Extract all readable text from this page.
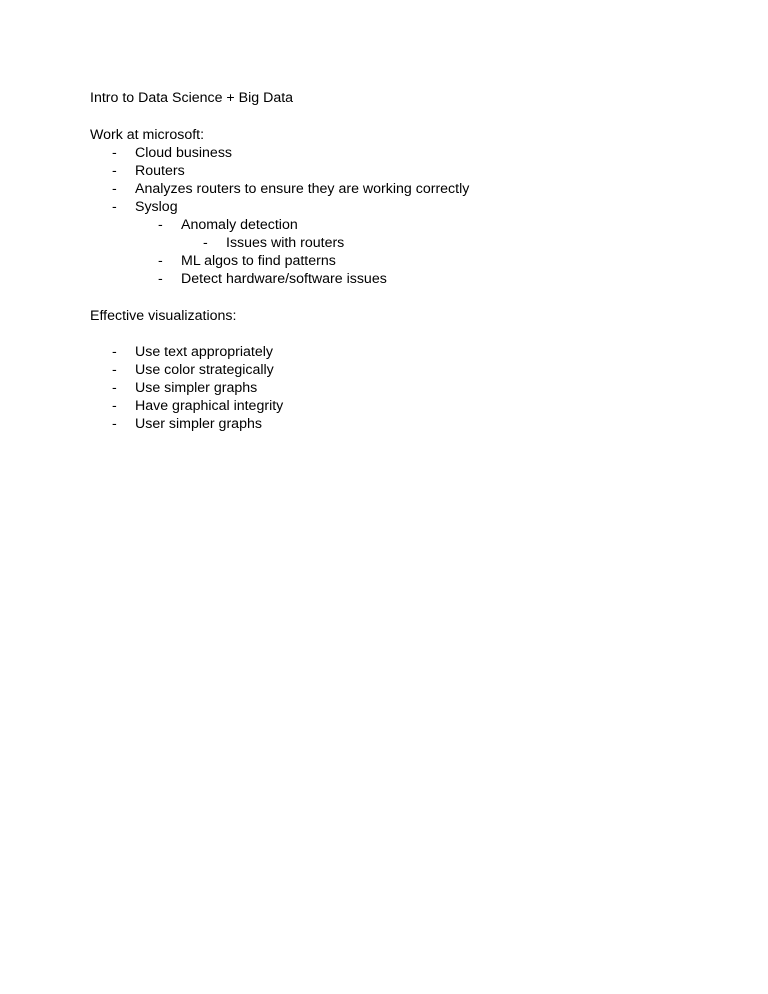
Intro to Data Science + Big Data
Work at microsoft:
- Cloud business
- Routers
- Analyzes routers to ensure they are working correctly
- Syslog
- Anomaly detection
- Issues with routers
- ML algos to find patterns
- Detect hardware/software issues
Effective visualizations:
- Use text appropriately
- Use color strategically
- Use simpler graphs
- Have graphical integrity
- User simpler graphs
